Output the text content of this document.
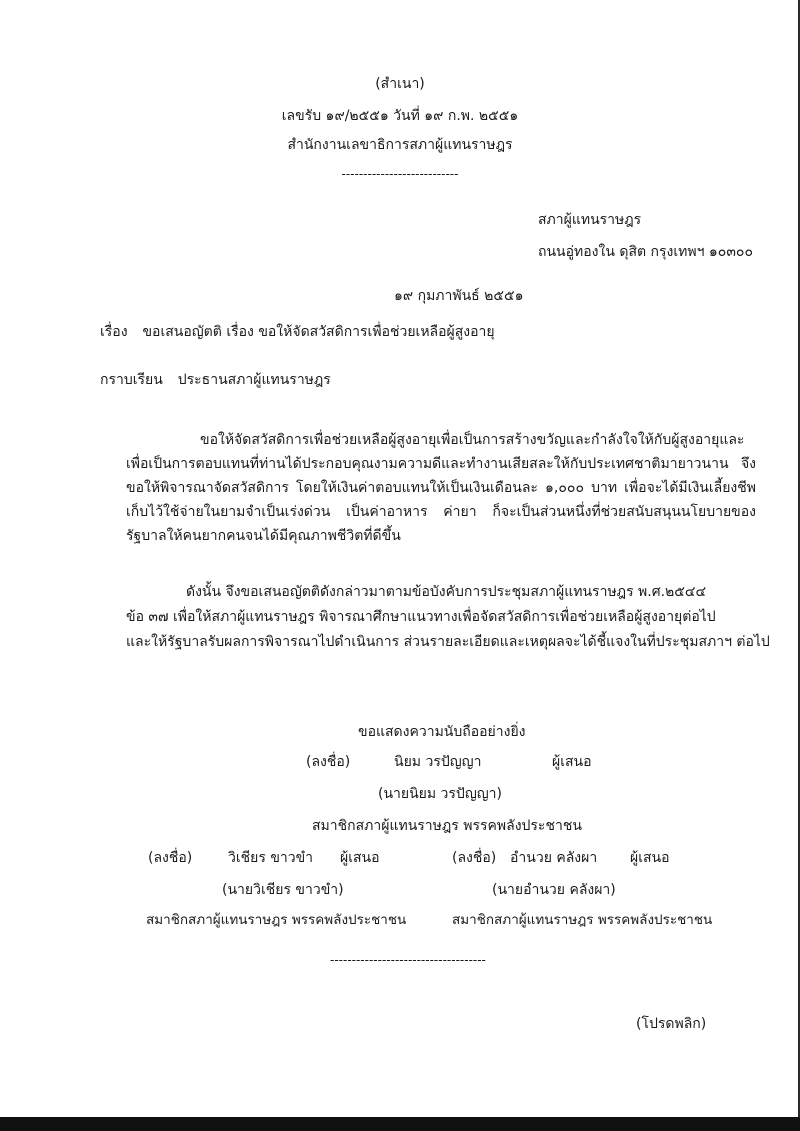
(สำเนา)
เลขรับ ๑๙/๒๕๕๑ วันที่ ๑๙ ก.พ. ๒๕๕๑
สำนักงานเลขาธิการสภาผู้แทนราษฎร
---------------------------
สภาผู้แทนราษฎร
ถนนอู่ทองใน ดุสิต กรุงเทพฯ ๑๐๓๐๐
๑๙ กุมภาพันธ์ ๒๕๕๑
เรื่อง ขอเสนอญัตติ เรื่อง ขอให้จัดสวัสดิการเพื่อช่วยเหลือผู้สูงอายุ
กราบเรียน ประธานสภาผู้แทนราษฎร
ขอให้จัดสวัสดิการเพื่อช่วยเหลือผู้สูงอายุเพื่อเป็นการสร้างขวัญและกำลังใจให้กับผู้สูงอายุและเพื่อเป็นการตอบแทนที่ท่านได้ประกอบคุณงามความดีและทำงานเสียสละให้กับประเทศชาติมายาวนาน จึงขอให้พิจารณาจัดสวัสดิการ โดยให้เงินค่าตอบแทนให้เป็นเงินเดือนละ ๑,๐๐๐ บาท เพื่อจะได้มีเงินเลี้ยงชีพ เก็บไว้ใช้จ่ายในยามจำเป็นเร่งด่วน เป็นค่าอาหาร ค่ายา ก็จะเป็นส่วนหนึ่งที่ช่วยสนับสนุนนโยบายของรัฐบาลให้คนยากคนจนได้มีคุณภาพชีวิตที่ดีขึ้น
ดังนั้น จึงขอเสนอญัตติดังกล่าวมาตามข้อบังคับการประชุมสภาผู้แทนราษฎร พ.ศ.๒๕๔๔
ข้อ ๓๗ เพื่อให้สภาผู้แทนราษฎร พิจารณาศึกษาแนวทางเพื่อจัดสวัสดิการเพื่อช่วยเหลือผู้สูงอายุต่อไป
และให้รัฐบาลรับผลการพิจารณาไปดำเนินการ ส่วนรายละเอียดและเหตุผลจะได้ชี้แจงในที่ประชุมสภาฯ ต่อไป
ขอแสดงความนับถืออย่างยิ่ง
(ลงชื่อ)	นิยม วรปัญญา	ผู้เสนอ
(นายนิยม วรปัญญา)
สมาชิกสภาผู้แทนราษฎร พรรคพลังประชาชน
(ลงชื่อ)	วิเชียร ขาวขำ ผู้เสนอ
(นายวิเชียร ขาวขำ)
สมาชิกสภาผู้แทนราษฎร พรรคพลังประชาชน
(ลงชื่อ) อำนวย คลังผา ผู้เสนอ
(นายอำนวย คลังผา)
สมาชิกสภาผู้แทนราษฎร พรรคพลังประชาชน
------------------------------------
(โปรดพลิก)
